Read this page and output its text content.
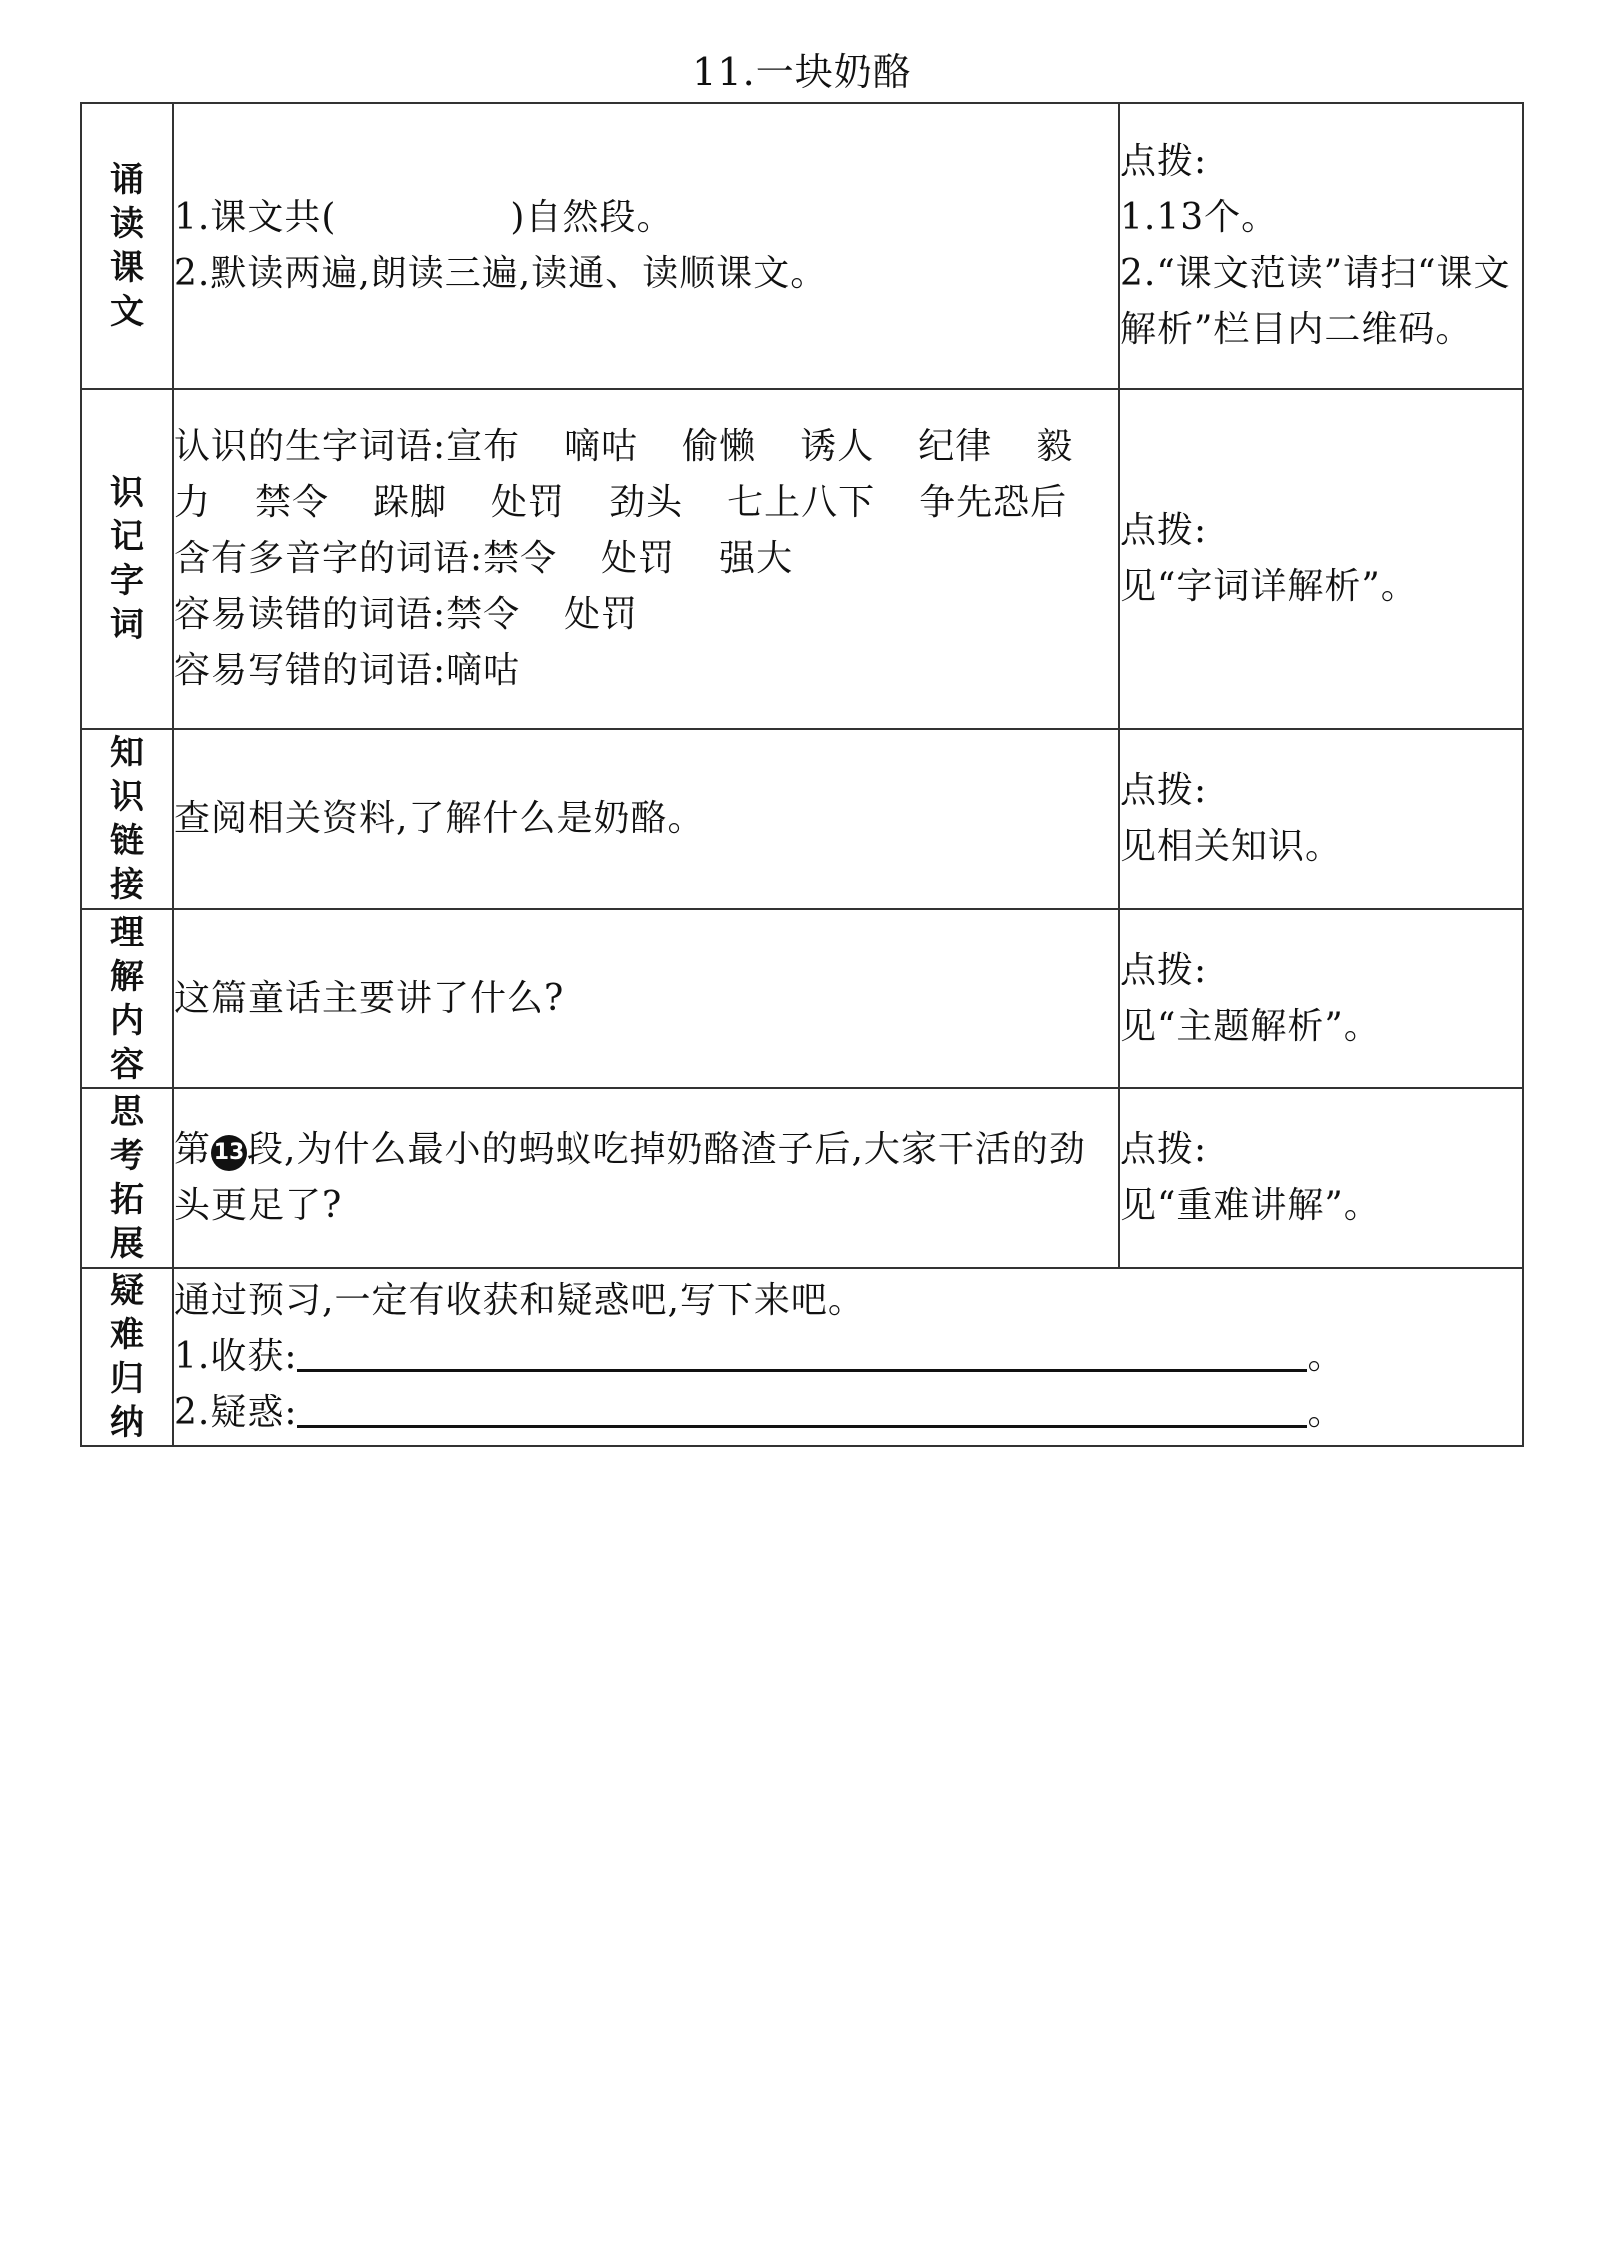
11.一块奶酪
诵读课文	1.课文共( )自然段。
2.默读两遍,朗读三遍,读通、读顺课文。	点拨:
1.13个。
2.“课文范读”请扫“课文解析”栏目内二维码。

识记字词	认识的生字词语:宣布 嘀咕 偷懒 诱人 纪律 毅力 禁令 跺脚 处罚 劲头 七上八下 争先恐后
含有多音字的词语:禁令 处罚 强大
容易读错的词语:禁令 处罚
容易写错的词语:嘀咕	点拨:
见“字词详解析”。

知识链接	查阅相关资料,了解什么是奶酪。	点拨:
见相关知识。

理解内容	这篇童话主要讲了什么?	点拨:
见“主题解析”。

思考拓展	第 13段,为什么最小的蚂蚁吃掉奶酪渣子后,大家干活的劲头更足了?	点拨:
见“重难讲解”。

疑难归纳	通过预习,一定有收获和疑惑吧,写下来吧。
1.收获: 。
2.疑惑: 。	
